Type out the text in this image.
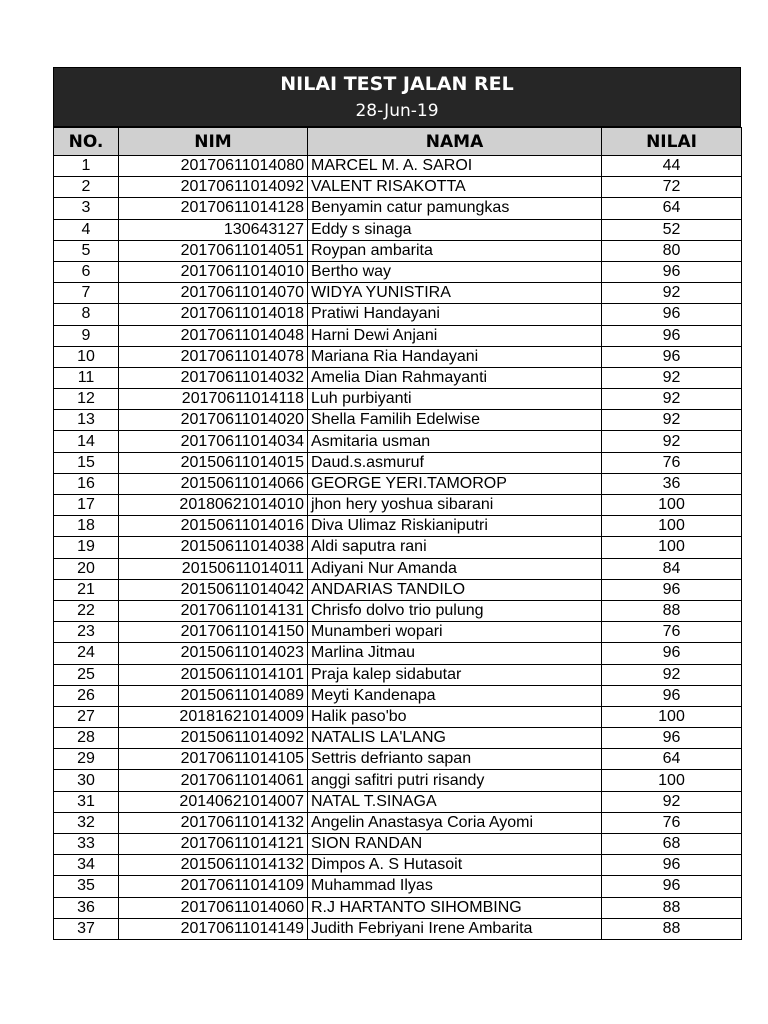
NILAI TEST JALAN REL
28-Jun-19
NO.	NIM	NAMA	NILAI
1	20170611014080	MARCEL M. A. SAROI	44
2	20170611014092	VALENT RISAKOTTA	72
3	20170611014128	Benyamin catur pamungkas	64
4	130643127	Eddy s sinaga	52
5	20170611014051	Roypan ambarita	80
6	20170611014010	Bertho way	96
7	20170611014070	WIDYA YUNISTIRA	92
8	20170611014018	Pratiwi Handayani	96
9	20170611014048	Harni Dewi Anjani	96
10	20170611014078	Mariana Ria Handayani	96
11	20170611014032	Amelia Dian Rahmayanti	92
12	20170611014118	Luh purbiyanti	92
13	20170611014020	Shella Familih Edelwise	92
14	20170611014034	Asmitaria usman	92
15	20150611014015	Daud.s.asmuruf	76
16	20150611014066	GEORGE YERI.TAMOROP	36
17	20180621014010	jhon hery yoshua sibarani	100
18	20150611014016	Diva Ulimaz Riskianiputri	100
19	20150611014038	Aldi saputra rani	100
20	20150611014011	Adiyani Nur Amanda	84
21	20150611014042	ANDARIAS TANDILO	96
22	20170611014131	Chrisfo dolvo trio pulung	88
23	20170611014150	Munamberi wopari	76
24	20150611014023	Marlina Jitmau	96
25	20150611014101	Praja kalep sidabutar	92
26	20150611014089	Meyti Kandenapa	96
27	20181621014009	Halik paso'bo	100
28	20150611014092	NATALIS LA'LANG	96
29	20170611014105	Settris defrianto sapan	64
30	20170611014061	anggi safitri putri risandy	100
31	20140621014007	NATAL T.SINAGA	92
32	20170611014132	Angelin Anastasya Coria Ayomi	76
33	20170611014121	SION RANDAN	68
34	20150611014132	Dimpos A. S Hutasoit	96
35	20170611014109	Muhammad Ilyas	96
36	20170611014060	R.J HARTANTO SIHOMBING	88
37	20170611014149	Judith Febriyani Irene Ambarita	88
